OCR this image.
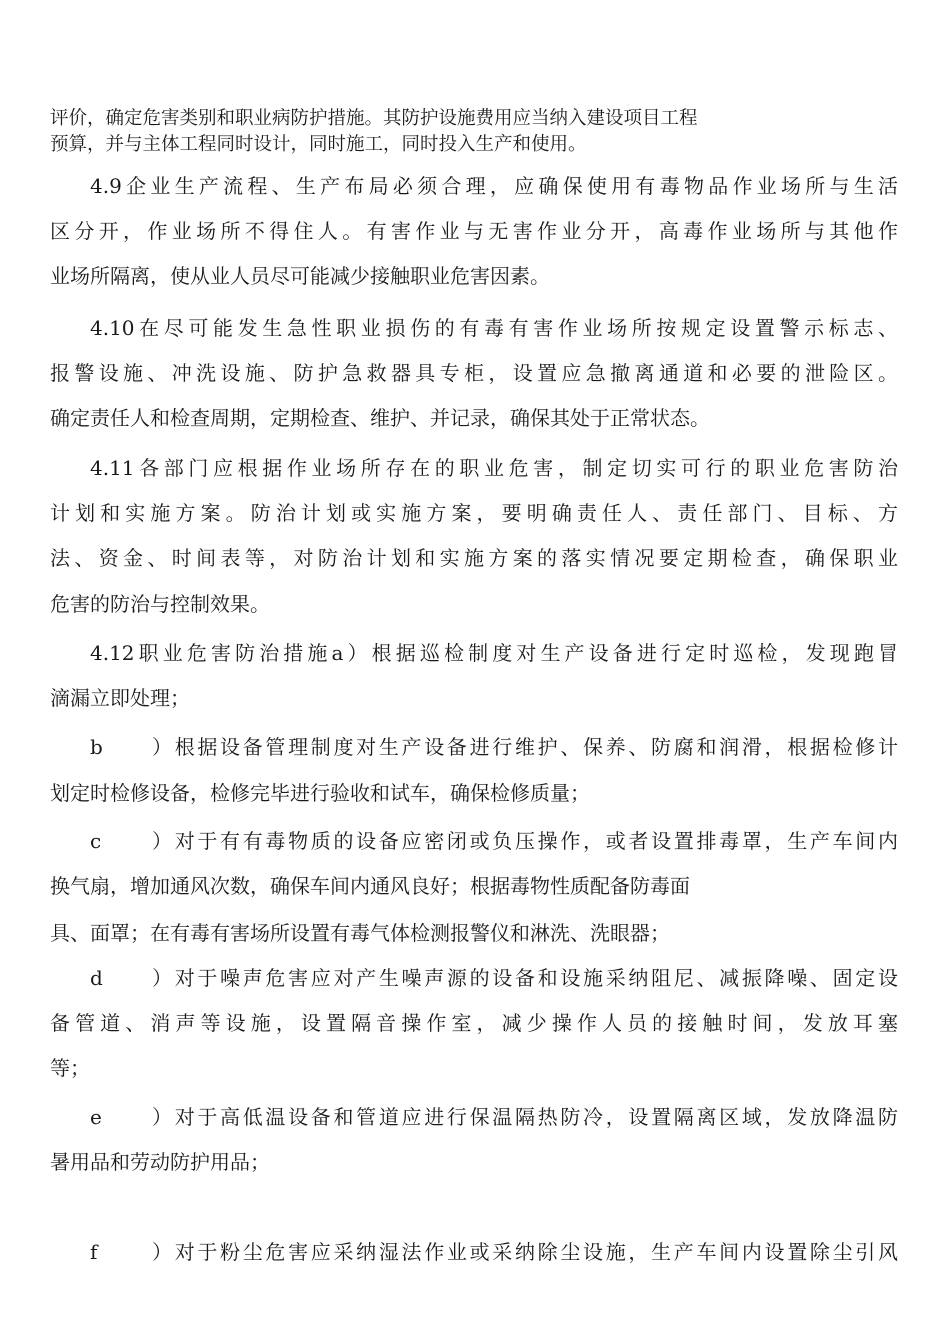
评价，确定危害类别和职业病防护措施。其防护设施费用应当纳入建设项目工程
预算，并与主体工程同时设计，同时施工，同时投入生产和使用。
4.9企业生产流程、生产布局必须合理，应确保使用有毒物品作业场所与生活
区分开，作业场所不得住人。有害作业与无害作业分开，高毒作业场所与其他作
业场所隔离，使从业人员尽可能减少接触职业危害因素。
4.10在尽可能发生急性职业损伤的有毒有害作业场所按规定设置警示标志、
报警设施、冲洗设施、防护急救器具专柜，设置应急撤离通道和必要的泄险区。
确定责任人和检查周期，定期检查、维护、并记录，确保其处于正常状态。
4.11各部门应根据作业场所存在的职业危害，制定切实可行的职业危害防治
计划和实施方案。防治计划或实施方案，要明确责任人、责任部门、目标、方
法、资金、时间表等，对防治计划和实施方案的落实情况要定期检查，确保职业
危害的防治与控制效果。
4.12职业危害防治措施a）根据巡检制度对生产设备进行定时巡检，发现跑冒
滴漏立即处理；
b）根据设备管理制度对生产设备进行维护、保养、防腐和润滑，根据检修计
划定时检修设备，检修完毕进行验收和试车，确保检修质量；
c）对于有有毒物质的设备应密闭或负压操作，或者设置排毒罩，生产车间内
换气扇，增加通风次数，确保车间内通风良好；根据毒物性质配备防毒面
具、面罩；在有毒有害场所设置有毒气体检测报警仪和淋洗、洗眼器；
d）对于噪声危害应对产生噪声源的设备和设施采纳阻尼、减振降噪、固定设
备管道、消声等设施，设置隔音操作室，减少操作人员的接触时间，发放耳塞
等；
e）对于高低温设备和管道应进行保温隔热防冷，设置隔离区域，发放降温防
暑用品和劳动防护用品；
f）对于粉尘危害应采纳湿法作业或采纳除尘设施，生产车间内设置除尘引风
